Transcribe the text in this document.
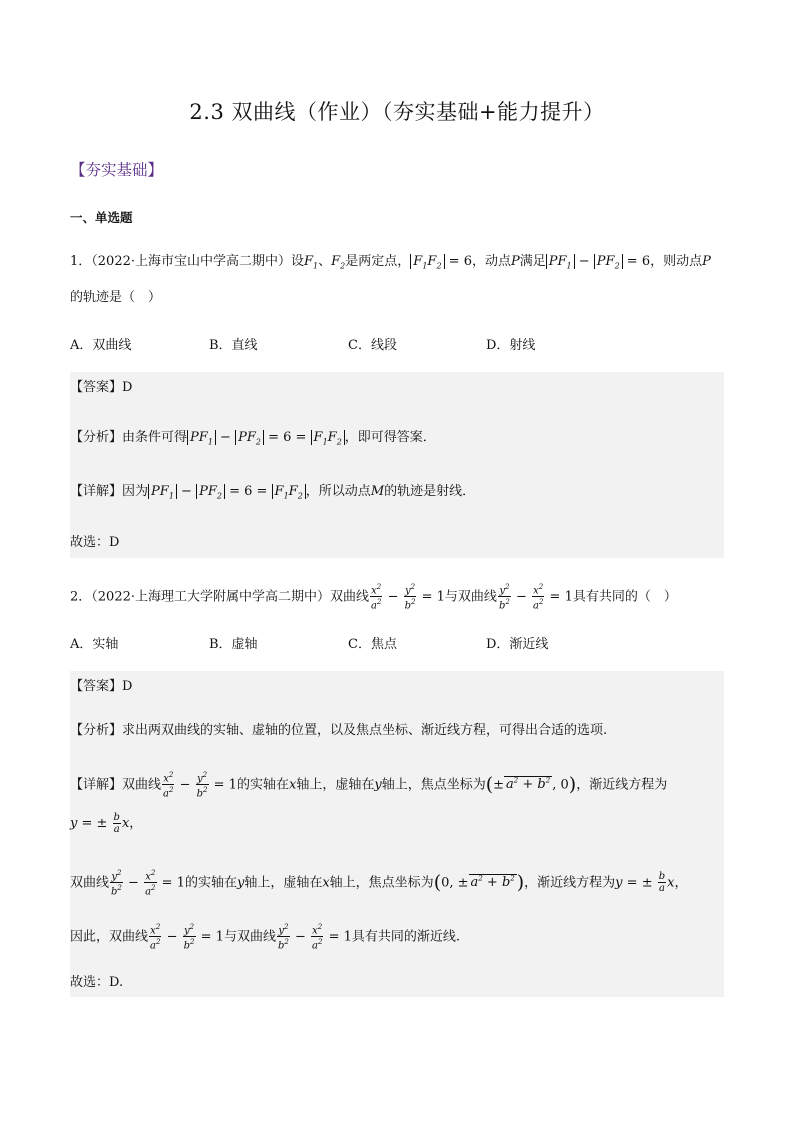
2.3 双曲线（作业）（夯实基础+能力提升）
【夯实基础】
一、单选题
1．（2022·上海市宝山中学高二期中）设$F_1$、$F_2$是两定点， $F_1F_2 = 6$，动点P满足 $PF_1 - PF_2 = 6$，则动点P
的轨迹是（　）
A．双曲线	B．直线	C．线段	D．射线
【答案】D
【分析】由条件可得 $PF_1 - PF_2 = 6 = F_1F_2$ ，即可得答案．
【详解】因为 $PF_1 - PF_2 = 6 = F_1F_2$ ，所以动点M的轨迹是射线．
故选：D
2．（2022·上海理工大学附属中学高二期中）双曲线 $\frac{x^2}{a^2} - \frac{y^2}{b^2} = 1$与双曲线 $\frac{y^2}{b^2} - \frac{x^2}{a^2} = 1$具有共同的（　）
A．实轴	B．虚轴	C．焦点	D．渐近线
【答案】D
【分析】求出两双曲线的实轴、虚轴的位置，以及焦点坐标、渐近线方程，可得出合适的选项.
【详解】双曲线 $\frac{x^2}{a^2} - \frac{y^2}{b^2} = 1$的实轴在x轴上，虚轴在y轴上，焦点坐标为(± $a^2 + b^2$ , 0)，渐近线方程为
y = ± $\frac{b}{a}$ x，
双曲线 $\frac{y^2}{b^2} - \frac{x^2}{a^2} = 1$的实轴在y轴上，虚轴在x轴上，焦点坐标为(0, ± $a^2 + b^2$ )，渐近线方程为y = ± $\frac{b}{a}$ x，
因此，双曲线 $\frac{x^2}{a^2} - \frac{y^2}{b^2} = 1$与双曲线 $\frac{y^2}{b^2} - \frac{x^2}{a^2} = 1$具有共同的渐近线.
故选：D.
